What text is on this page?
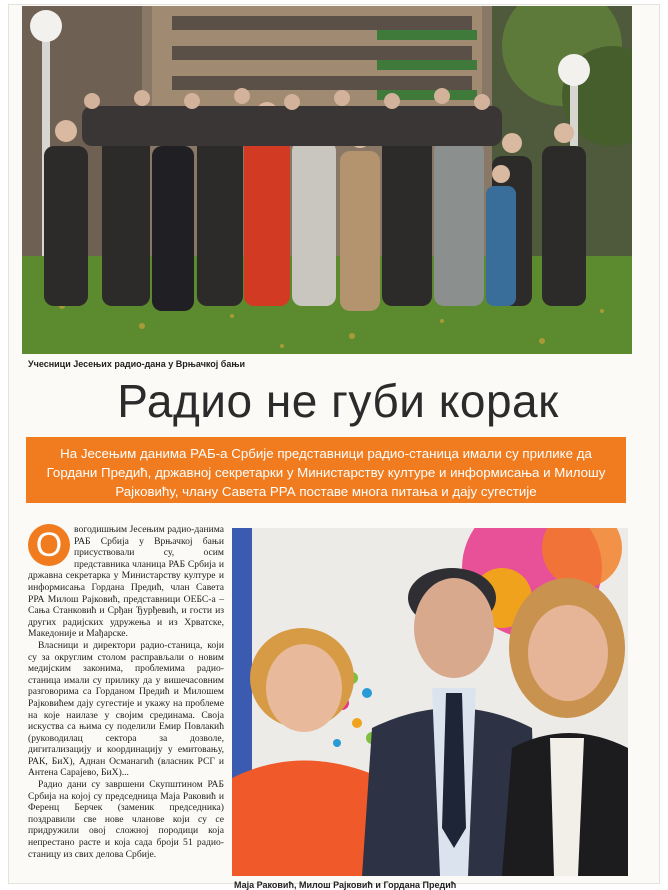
Учесници Јесењих радио-дана у Врњачкој бањи
Радио не губи корак
На Јесењим данима РАБ-а Србије представници радио-станица имали су прилике да Гордани Предић, државној секретарки у Министарству културе и информисања и Милошу Рајковићу, члану Савета РРА поставе многа питања и дају сугестије
О	вогодишњим Јесењим радио-данима РАБ Србија у Врњачкој бањи присуствовали су, осим представника чланица РАБ Србија и државна секретарка у Министарству културе и информисања Гордана Предић, члан Савета РРА Милош Рајковић, представници ОЕБС-а – Сања Станковић и Срђан Ђурђевић, и гости из других радијских удружења и из Хрватске, Македоније и Мађарске.

Власници и директори радио-станица, који су за округлим столом расправљали о новим медијским законима, проблемима радио-станица имали су прилику да у вишечасовним разговорима са Горданом Предић и Милошем Рајковићем дају сугестије и укажу на проблеме на које наилазе у својим срединама. Своја искуства са њима су поделили Емир Повлакић (руководилац сектора за дозволе, дигитализацију и координацију у емитовању, РАК, БиХ), Аднан Османагић (власник РСГ и Антена Сарајево, БиХ)...

Радио дани су завршени Скупштином РАБ Србија на којој су председница Маја Раковић и Ференц Берчек (заменик председника) поздравили све нове чланове који су се придружили овој сложној породици која непрестано расте и која сада броји 51 радио-станицу из свих делова Србије.

Маја Раковић, Милош Рајковић и Гордана Предић
